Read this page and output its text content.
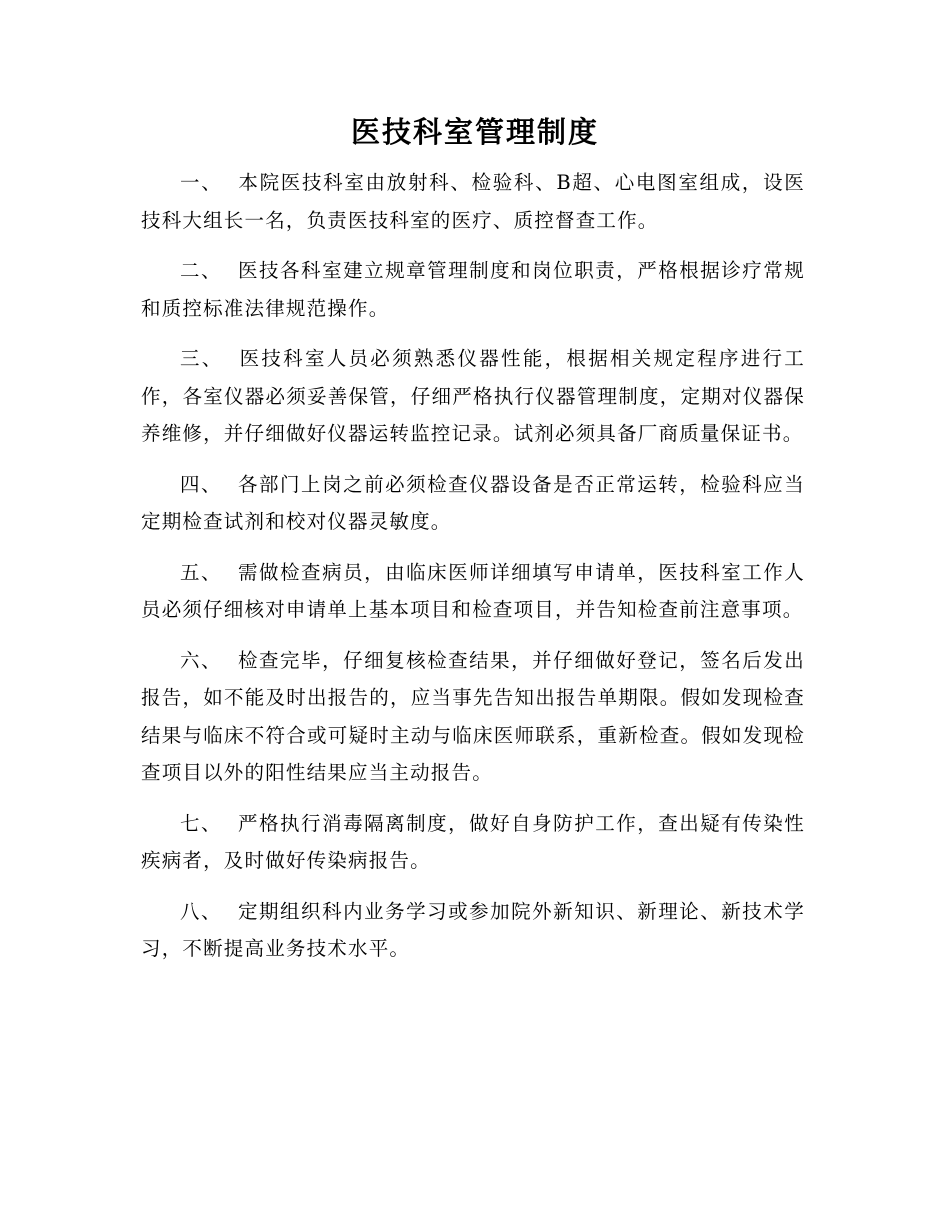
医技科室管理制度

一、 本院医技科室由放射科、检验科、B超、心电图室组成，设医技科大组长一名，负责医技科室的医疗、质控督查工作。

二、 医技各科室建立规章管理制度和岗位职责，严格根据诊疗常规和质控标准法律规范操作。

三、 医技科室人员必须熟悉仪器性能，根据相关规定程序进行工作，各室仪器必须妥善保管，仔细严格执行仪器管理制度，定期对仪器保养维修，并仔细做好仪器运转监控记录。试剂必须具备厂商质量保证书。

四、 各部门上岗之前必须检查仪器设备是否正常运转，检验科应当定期检查试剂和校对仪器灵敏度。

五、 需做检查病员，由临床医师详细填写申请单，医技科室工作人员必须仔细核对申请单上基本项目和检查项目，并告知检查前注意事项。

六、 检查完毕，仔细复核检查结果，并仔细做好登记，签名后发出报告，如不能及时出报告的，应当事先告知出报告单期限。假如发现检查结果与临床不符合或可疑时主动与临床医师联系，重新检查。假如发现检查项目以外的阳性结果应当主动报告。

七、 严格执行消毒隔离制度，做好自身防护工作，查出疑有传染性疾病者，及时做好传染病报告。

八、 定期组织科内业务学习或参加院外新知识、新理论、新技术学习，不断提高业务技术水平。
